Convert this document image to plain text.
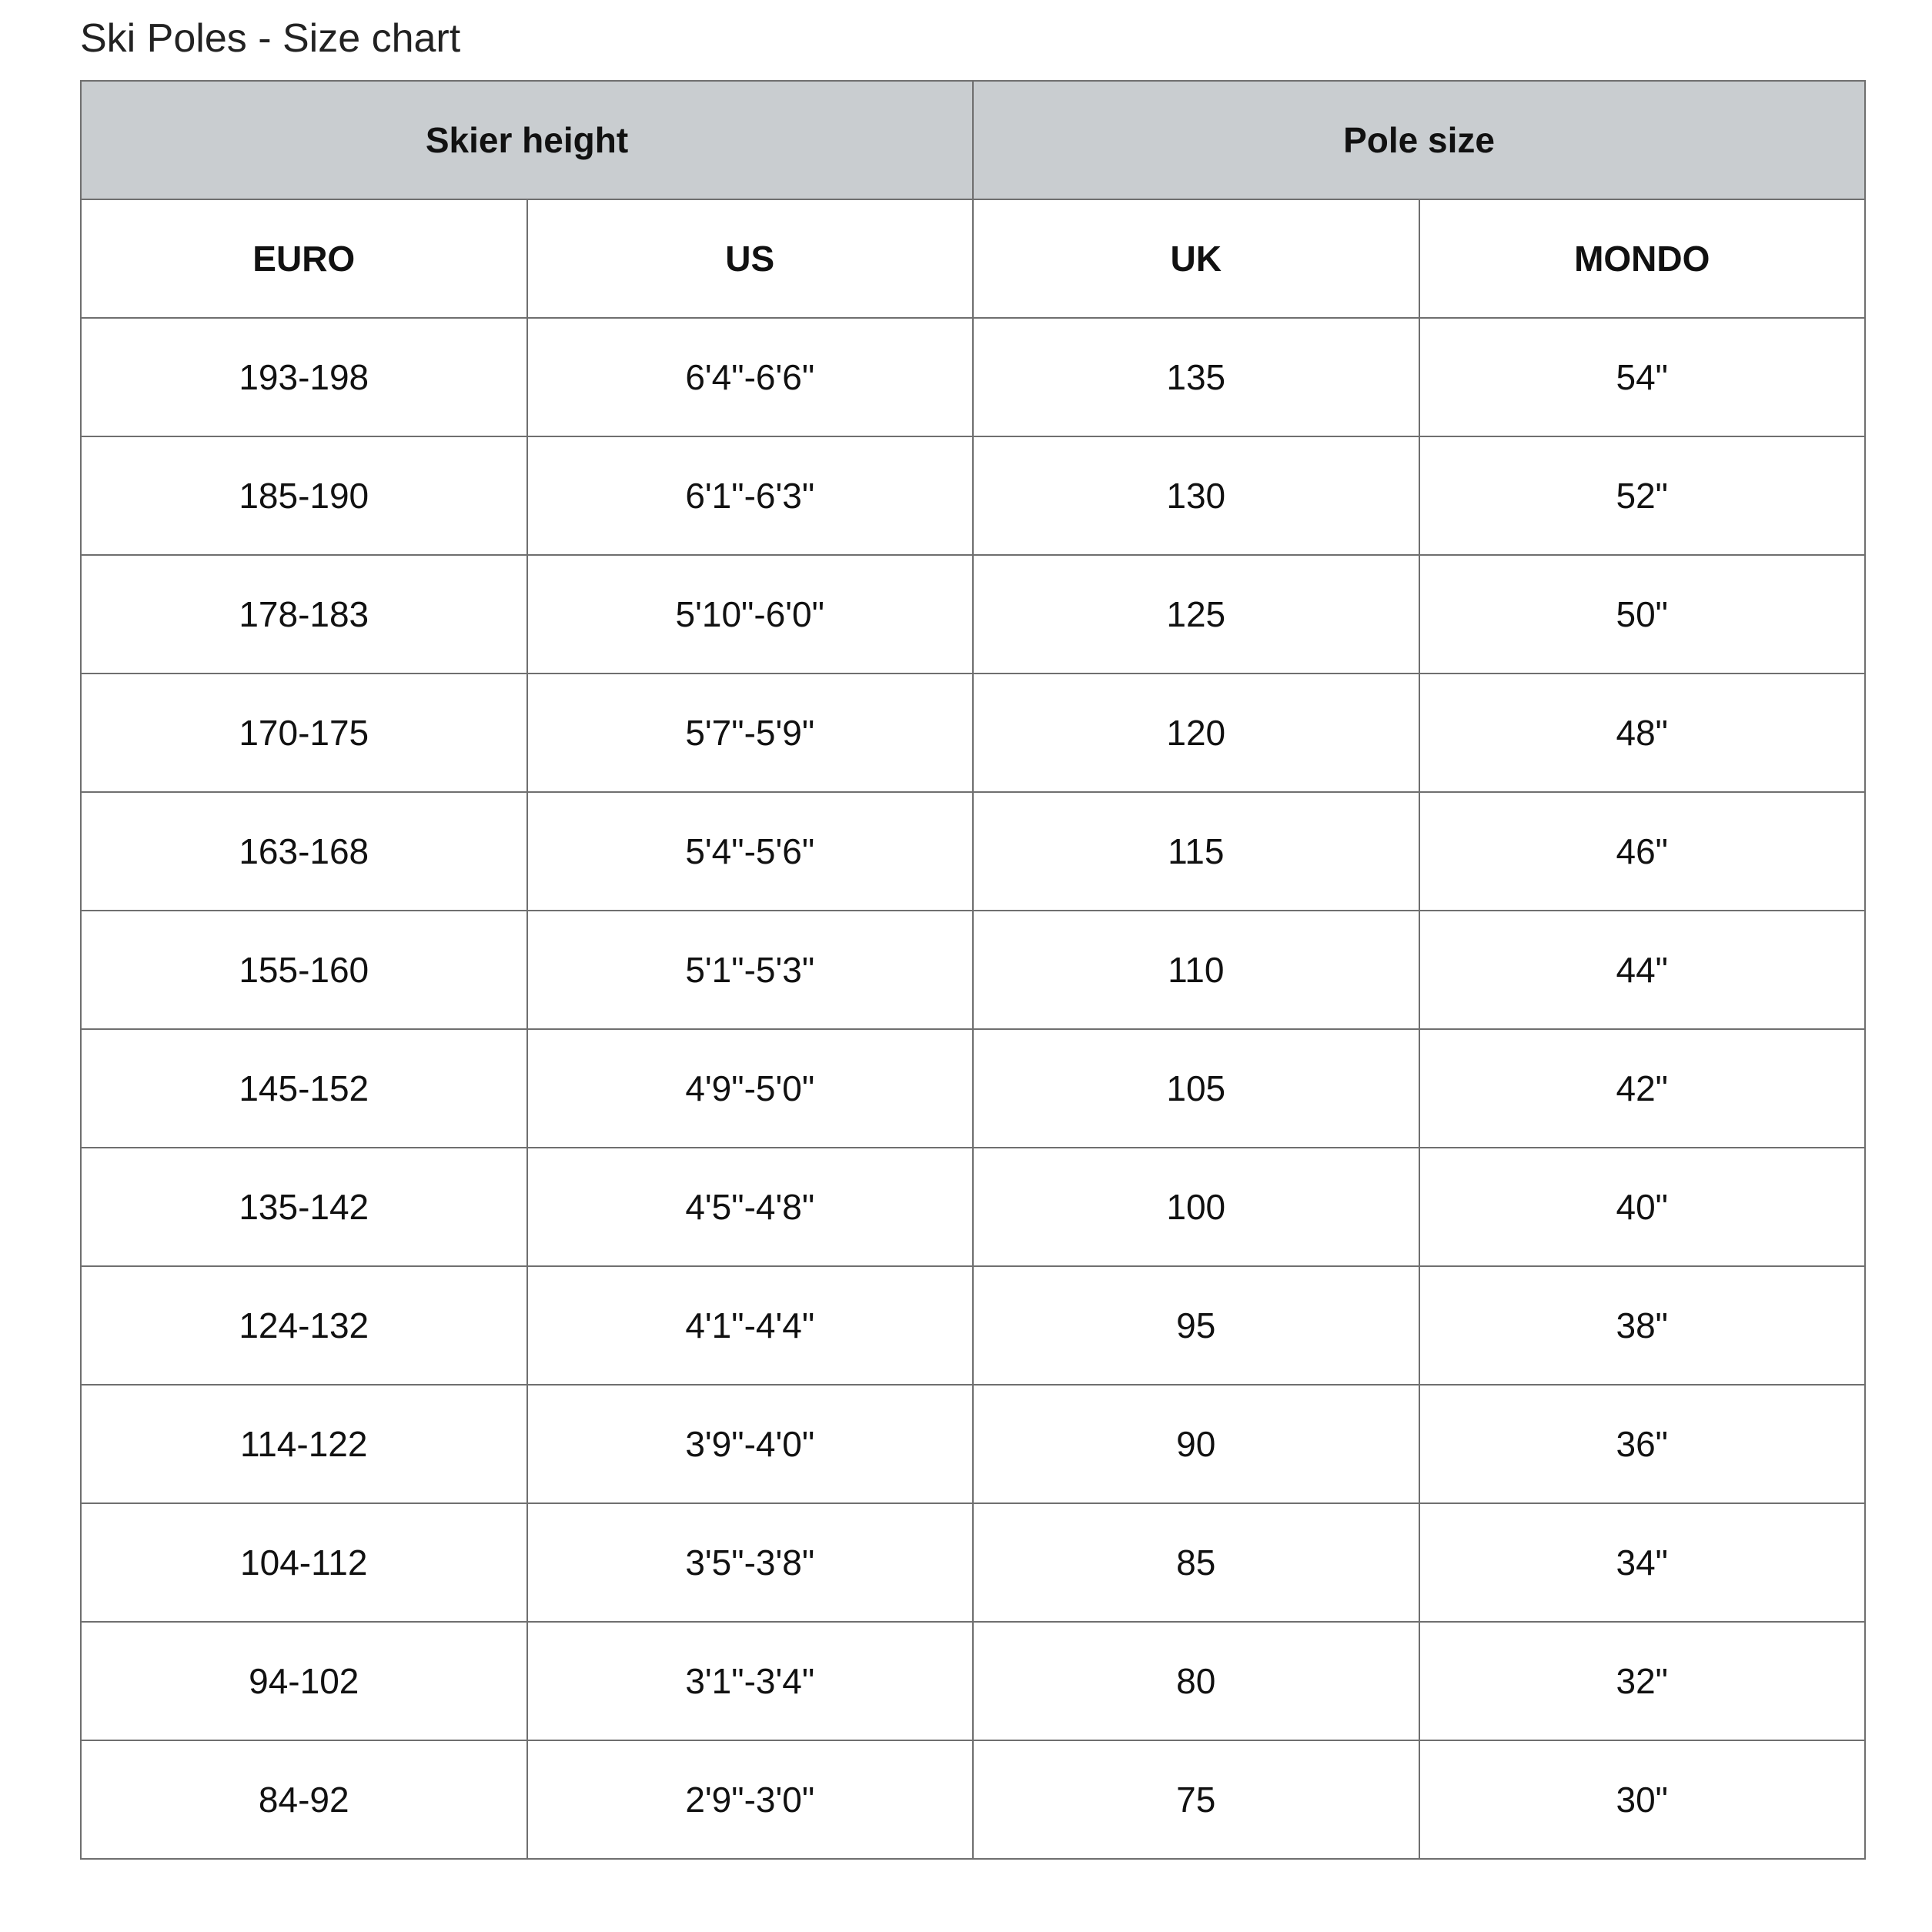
Ski Poles - Size chart
Skier height		Pole size	
EURO	US	UK	MONDO
193-198	6'4"-6'6"	135	54"
185-190	6'1"-6'3"	130	52"
178-183	5'10"-6'0"	125	50"
170-175	5'7"-5'9"	120	48"
163-168	5'4"-5'6"	115	46"
155-160	5'1"-5'3"	110	44"
145-152	4'9"-5'0"	105	42"
135-142	4'5"-4'8"	100	40"
124-132	4'1"-4'4"	95	38"
114-122	3'9"-4'0"	90	36"
104-112	3'5"-3'8"	85	34"
94-102	3'1"-3'4"	80	32"
84-92	2'9"-3'0"	75	30"
